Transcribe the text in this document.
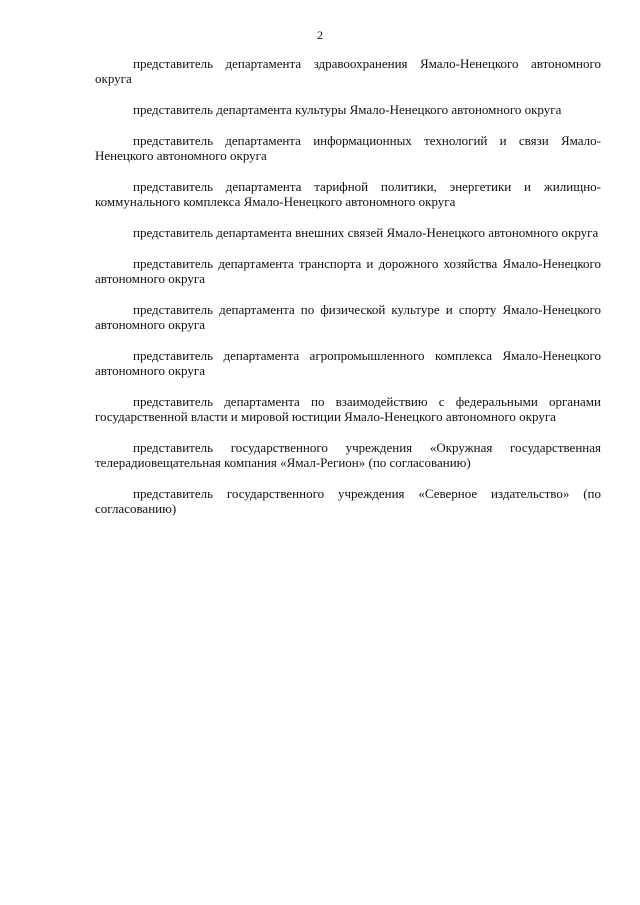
2

представитель департамента здравоохранения Ямало-Ненецкого автономного округа

представитель департамента культуры Ямало-Ненецкого автономного округа

представитель департамента информационных технологий и связи Ямало-Ненецкого автономного округа

представитель департамента тарифной политики, энергетики и жилищно-коммунального комплекса Ямало-Ненецкого автономного округа

представитель департамента внешних связей Ямало-Ненецкого автономного округа

представитель департамента транспорта и дорожного хозяйства Ямало-Ненецкого автономного округа

представитель департамента по физической культуре и спорту Ямало-Ненецкого автономного округа

представитель департамента агропромышленного комплекса Ямало-Ненецкого автономного округа

представитель департамента по взаимодействию с федеральными органами государственной власти и мировой юстиции Ямало-Ненецкого автономного округа

представитель государственного учреждения «Окружная государственная телерадиовещательная компания «Ямал-Регион» (по согласованию)

представитель государственного учреждения «Северное издательство» (по согласованию)
